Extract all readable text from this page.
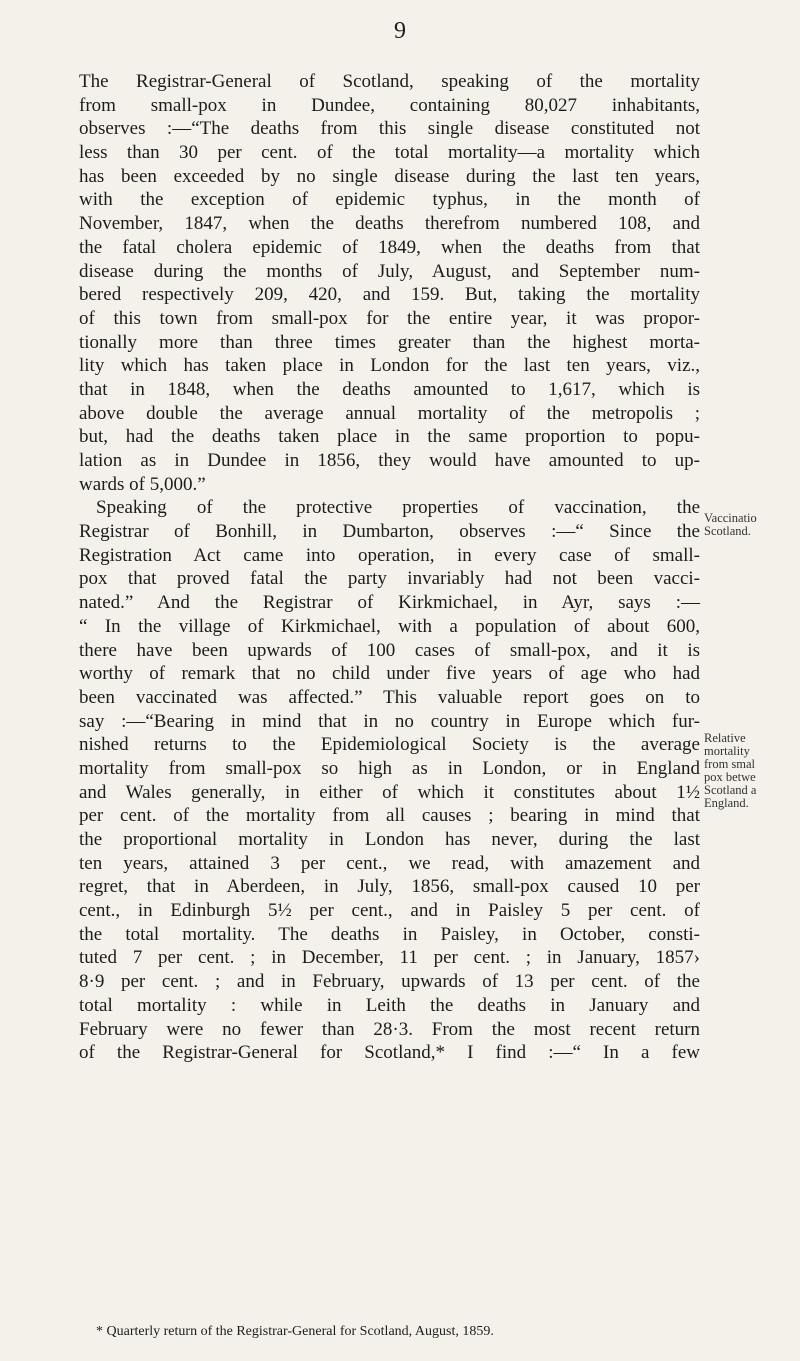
9
The Registrar-General of Scotland, speaking of the mortality
from small-pox in Dundee, containing 80,027 inhabitants,
observes :—“The deaths from this single disease constituted not
less than 30 per cent. of the total mortality—a mortality which
has been exceeded by no single disease during the last ten years,
with the exception of epidemic typhus, in the month of
November, 1847, when the deaths therefrom numbered 108, and
the fatal cholera epidemic of 1849, when the deaths from that
disease during the months of July, August, and September num-
bered respectively 209, 420, and 159. But, taking the mortality
of this town from small-pox for the entire year, it was propor-
tionally more than three times greater than the highest morta-
lity which has taken place in London for the last ten years, viz.,
that in 1848, when the deaths amounted to 1,617, which is
above double the average annual mortality of the metropolis ;
but, had the deaths taken place in the same proportion to popu-
lation as in Dundee in 1856, they would have amounted to up-
wards of 5,000.”
Speaking of the protective properties of vaccination, the
Registrar of Bonhill, in Dumbarton, observes :—“ Since the
Registration Act came into operation, in every case of small-
pox that proved fatal the party invariably had not been vacci-
nated.” And the Registrar of Kirkmichael, in Ayr, says :—
“ In the village of Kirkmichael, with a population of about 600,
there have been upwards of 100 cases of small-pox, and it is
worthy of remark that no child under five years of age who had
been vaccinated was affected.” This valuable report goes on to
say :—“Bearing in mind that in no country in Europe which fur-
nished returns to the Epidemiological Society is the average
mortality from small-pox so high as in London, or in England
and Wales generally, in either of which it constitutes about 1½
per cent. of the mortality from all causes ; bearing in mind that
the proportional mortality in London has never, during the last
ten years, attained 3 per cent., we read, with amazement and
regret, that in Aberdeen, in July, 1856, small-pox caused 10 per
cent., in Edinburgh 5½ per cent., and in Paisley 5 per cent. of
the total mortality. The deaths in Paisley, in October, consti-
tuted 7 per cent. ; in December, 11 per cent. ; in January, 1857›
8·9 per cent. ; and in February, upwards of 13 per cent. of the
total mortality : while in Leith the deaths in January and
February were no fewer than 28·3. From the most recent return
of the Registrar-General for Scotland,* I find :—“ In a few
Vaccinatio
Scotland.
Relative
mortality
from smal
pox betwe
Scotland a
England.
* Quarterly return of the Registrar-General for Scotland, August, 1859.
